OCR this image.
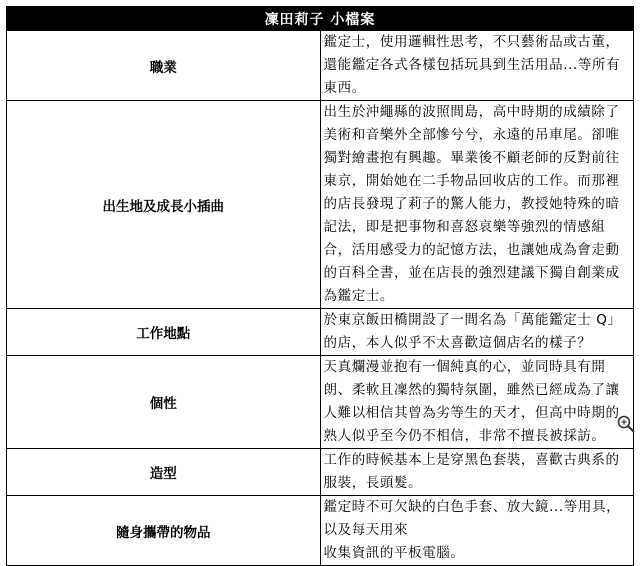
凜田莉子 小檔案	
職業	鑑定士，使用邏輯性思考，不只藝術品或古董，還能鑑定各式各樣包括玩具到生活用品...等所有東西。
出生地及成長小插曲	出生於沖繩縣的波照間島，高中時期的成績除了美術和音樂外全部慘兮兮，永遠的吊車尾。卻唯獨對繪畫抱有興趣。畢業後不顧老師的反對前往東京，開始她在二手物品回收店的工作。而那裡的店長發現了莉子的驚人能力，教授她特殊的暗記法，即是把事物和喜怒哀樂等強烈的情感組合，活用感受力的記憶方法，也讓她成為會走動的百科全書，並在店長的強烈建議下獨自創業成為鑑定士。
工作地點	於東京飯田橋開設了一間名為「萬能鑑定士 Q」的店，本人似乎不太喜歡這個店名的樣子？
個性	天真爛漫並抱有一個純真的心，並同時具有開朗、柔軟且凜然的獨特氛圍，雖然已經成為了讓人難以相信其曾為劣等生的天才，但高中時期的熟人似乎至今仍不相信，非常不擅長被採訪。
造型	工作的時候基本上是穿黑色套裝，喜歡古典系的服裝，長頭髮。
隨身攜帶的物品	鑑定時不可欠缺的白色手套、放大鏡...等用具，以及每天用來
收集資訊的平板電腦。
